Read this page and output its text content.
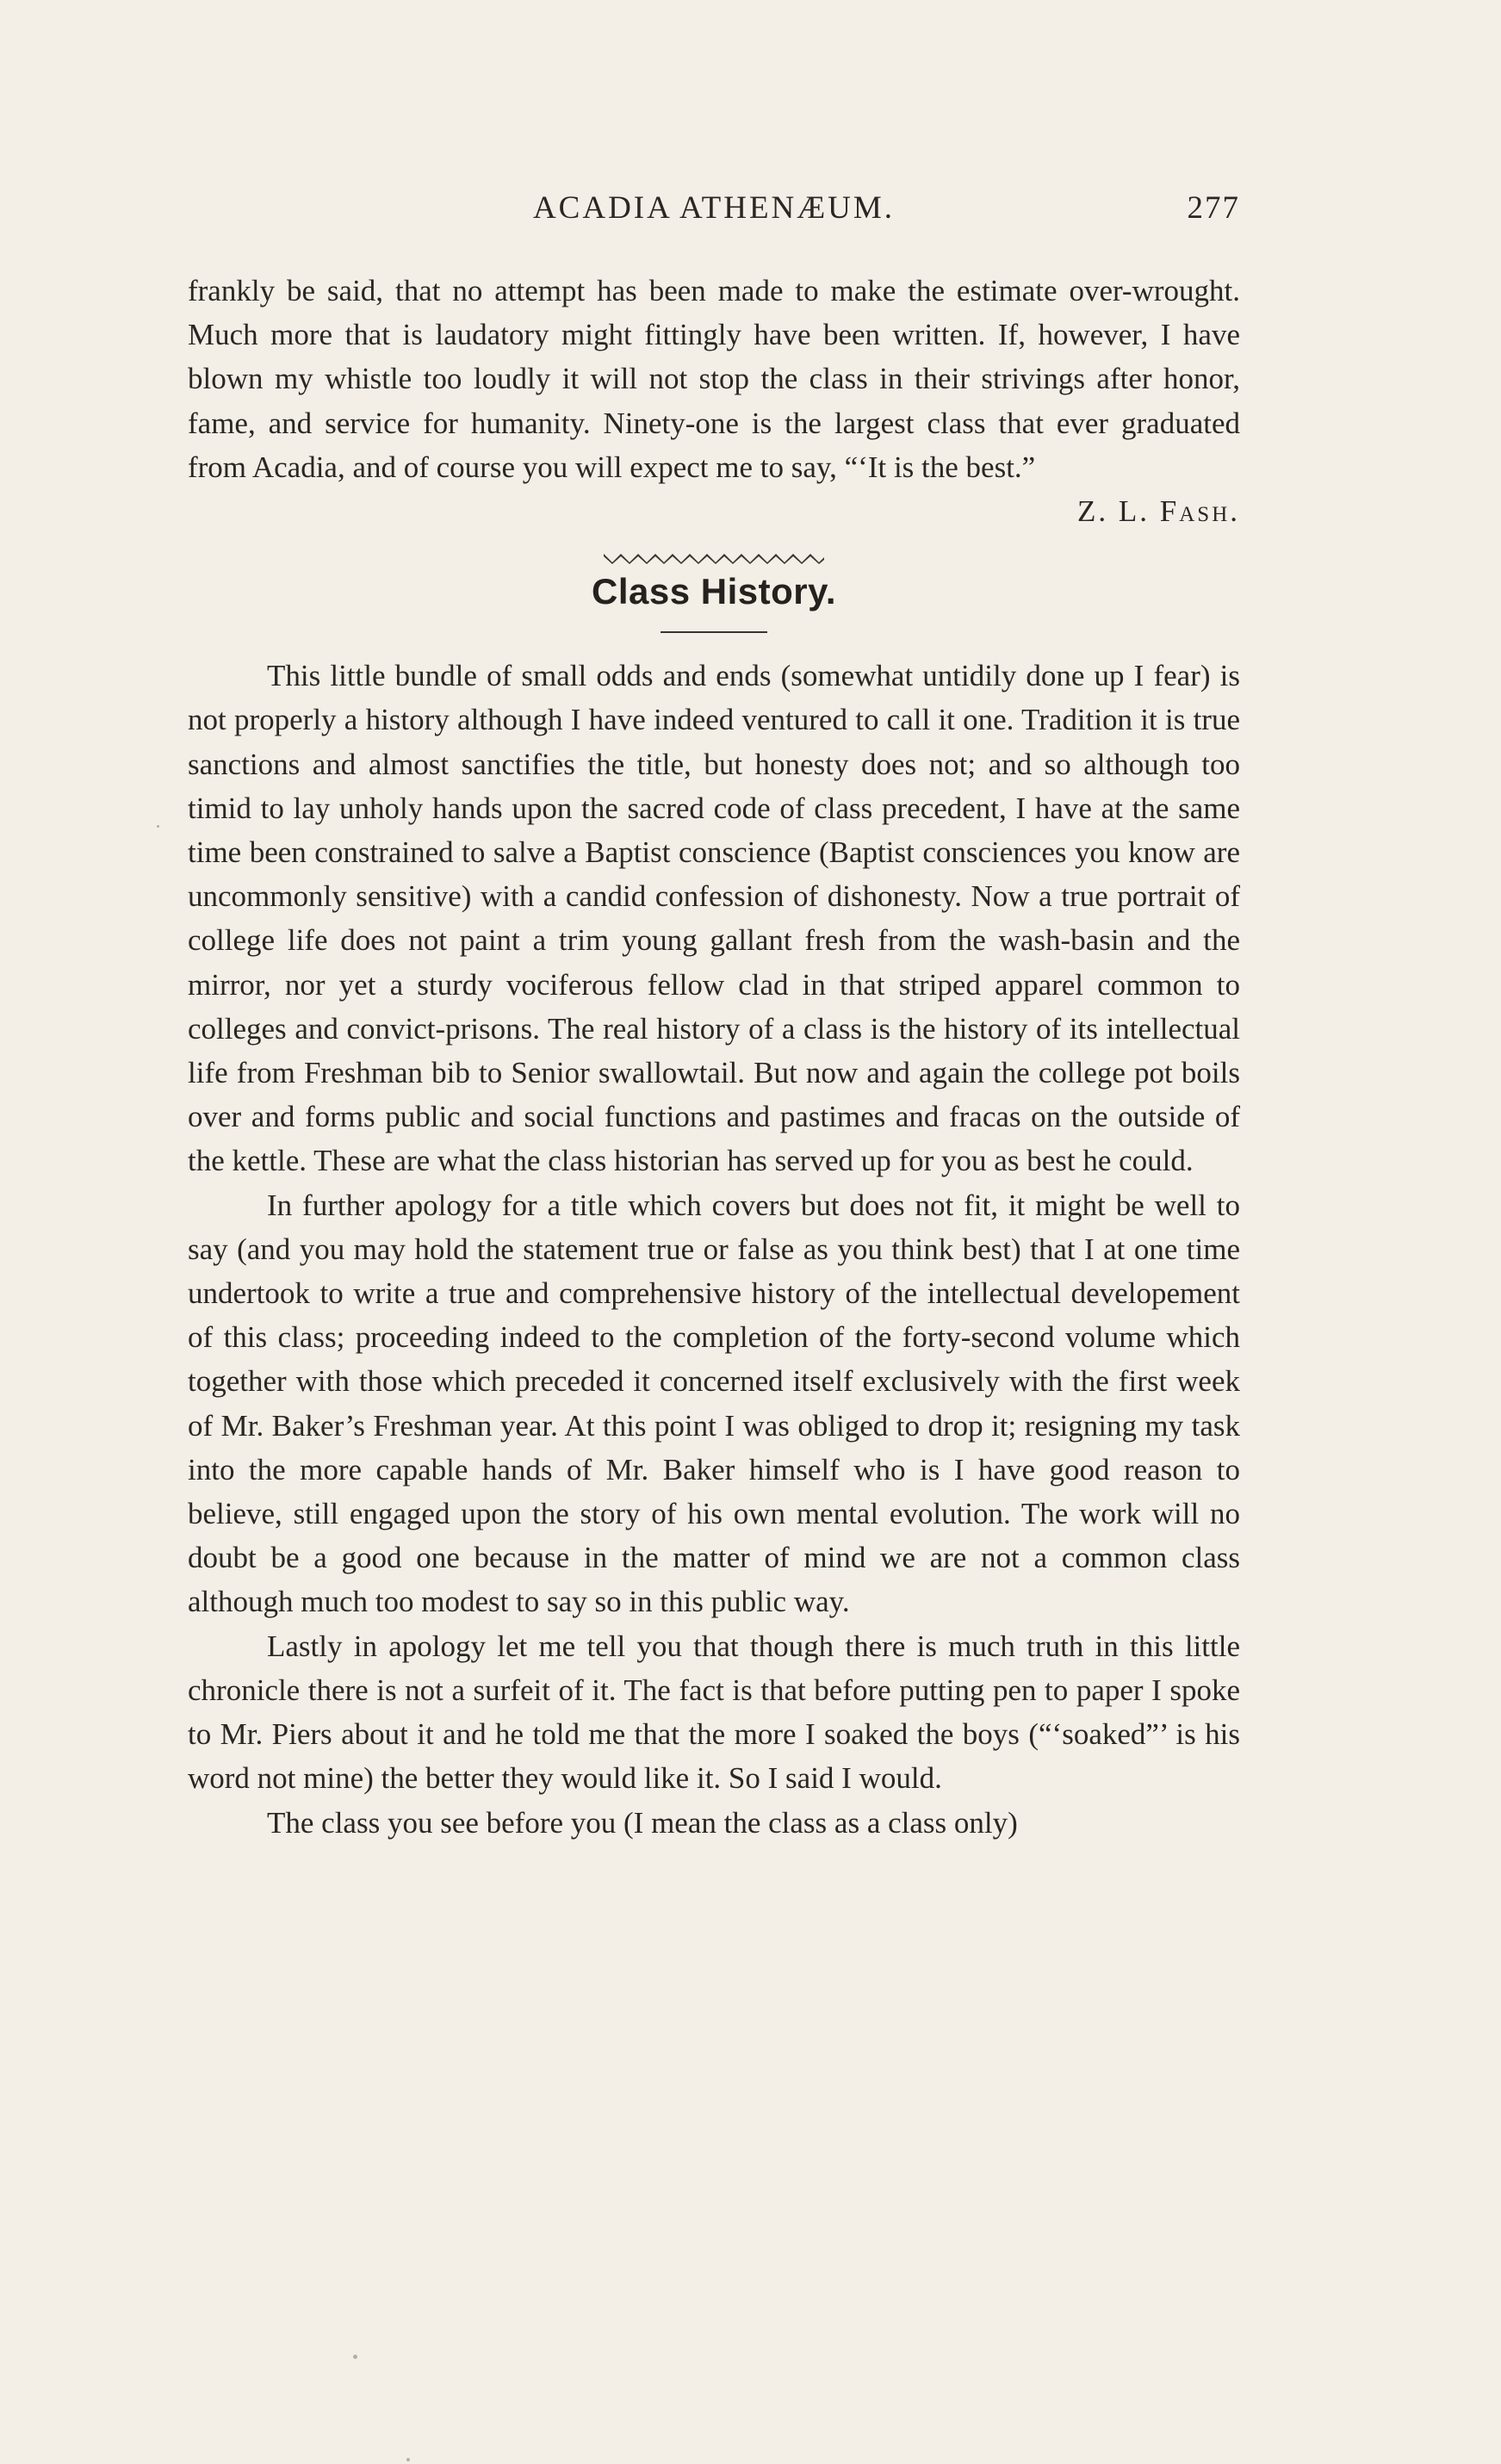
ACADIA ATHENÆUM.	277

frankly be said, that no attempt has been made to make the estimate over-wrought. Much more that is laudatory might fittingly have been written. If, however, I have blown my whistle too loudly it will not stop the class in their strivings after honor, fame, and service for humanity. Ninety-one is the largest class that ever graduated from Acadia, and of course you will expect me to say, “‘It is the best.”

Z. L. Fash.
Class History.

This little bundle of small odds and ends (somewhat untidily done up I fear) is not properly a history although I have indeed ventured to call it one. Tradition it is true sanctions and almost sanctifies the title, but honesty does not; and so although too timid to lay unholy hands upon the sacred code of class precedent, I have at the same time been constrained to salve a Baptist conscience (Baptist consciences you know are uncommonly sensitive) with a candid confession of dishonesty. Now a true portrait of college life does not paint a trim young gallant fresh from the wash-basin and the mirror, nor yet a sturdy vociferous fellow clad in that striped apparel common to colleges and convict-prisons. The real history of a class is the history of its intellectual life from Freshman bib to Senior swallowtail. But now and again the college pot boils over and forms public and social functions and pastimes and fracas on the outside of the kettle. These are what the class historian has served up for you as best he could.

In further apology for a title which covers but does not fit, it might be well to say (and you may hold the statement true or false as you think best) that I at one time undertook to write a true and comprehensive history of the intellectual developement of this class; proceeding indeed to the completion of the forty-second volume which together with those which preceded it concerned itself exclusively with the first week of Mr. Baker’s Freshman year. At this point I was obliged to drop it; resigning my task into the more capable hands of Mr. Baker himself who is I have good reason to believe, still engaged upon the story of his own mental evolution. The work will no doubt be a good one because in the matter of mind we are not a common class although much too modest to say so in this public way.

Lastly in apology let me tell you that though there is much truth in this little chronicle there is not a surfeit of it. The fact is that before putting pen to paper I spoke to Mr. Piers about it and he told me that the more I soaked the boys (“‘soaked”’ is his word not mine) the better they would like it. So I said I would.

The class you see before you (I mean the class as a class only)
